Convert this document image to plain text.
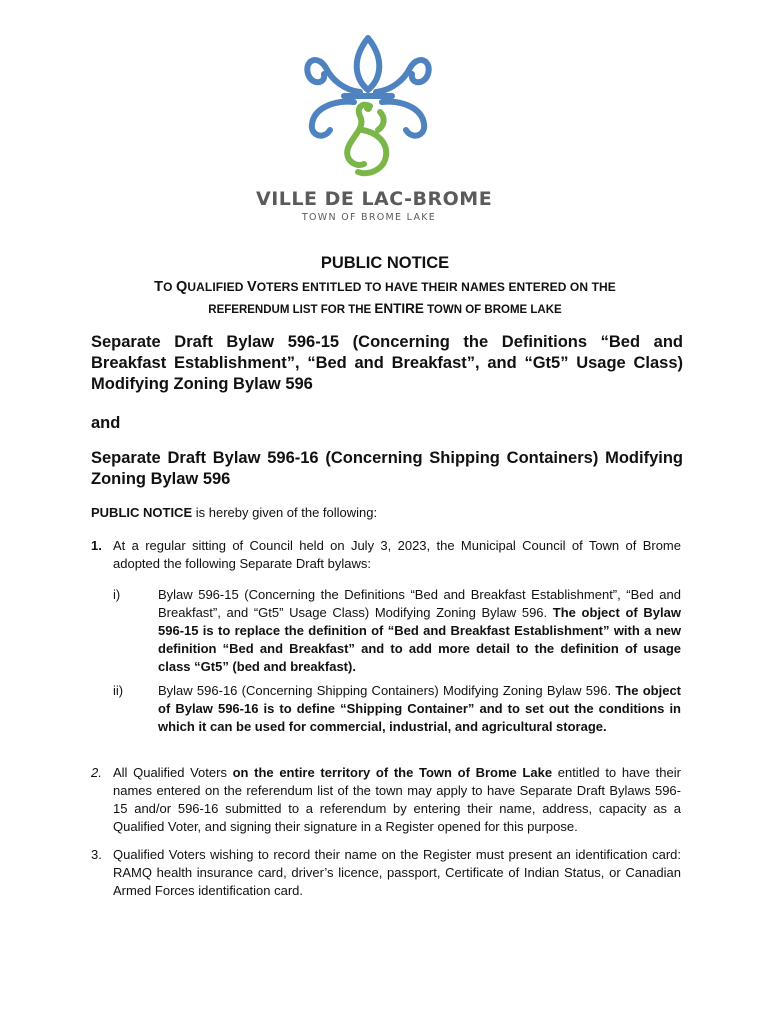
VILLE DE LAC-BROME
TOWN OF BROME LAKE
PUBLIC NOTICE
TO QUALIFIED VOTERS ENTITLED TO HAVE THEIR NAMES ENTERED ON THE
REFERENDUM LIST FOR THE ENTIRE TOWN OF BROME LAKE

Separate Draft Bylaw 596-15 (Concerning the Definitions “Bed and Breakfast Establishment”, “Bed and Breakfast”, and “Gt5” Usage Class) Modifying Zoning Bylaw 596

and

Separate Draft Bylaw 596-16 (Concerning Shipping Containers) Modifying Zoning Bylaw 596

PUBLIC NOTICE is hereby given of the following:

1. At a regular sitting of Council held on July 3, 2023, the Municipal Council of Town of Brome adopted the following Separate Draft bylaws:

i)	Bylaw 596-15 (Concerning the Definitions “Bed and Breakfast Establishment”, “Bed and Breakfast”, and “Gt5” Usage Class) Modifying Zoning Bylaw 596. The object of Bylaw 596-15 is to replace the definition of “Bed and Breakfast Establishment” with a new definition “Bed and Breakfast” and to add more detail to the definition of usage class “Gt5” (bed and breakfast).

ii)	Bylaw 596-16 (Concerning Shipping Containers) Modifying Zoning Bylaw 596. The object of Bylaw 596-16 is to define “Shipping Container” and to set out the conditions in which it can be used for commercial, industrial, and agricultural storage.

2. All Qualified Voters on the entire territory of the Town of Brome Lake entitled to have their names entered on the referendum list of the town may apply to have Separate Draft Bylaws 596-15 and/or 596-16 submitted to a referendum by entering their name, address, capacity as a Qualified Voter, and signing their signature in a Register opened for this purpose.

3. Qualified Voters wishing to record their name on the Register must present an identification card: RAMQ health insurance card, driver’s licence, passport, Certificate of Indian Status, or Canadian Armed Forces identification card.
